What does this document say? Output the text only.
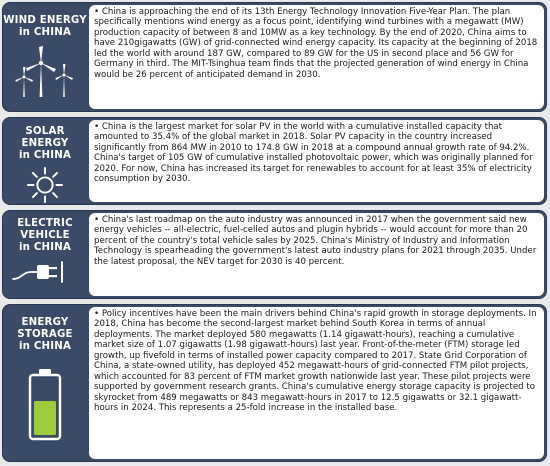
WIND ENERGY
in CHINA
• China is approaching the end of its 13th Energy Technology Innovation Five-Year Plan. The plan specifically mentions wind energy as a focus point, identifying wind turbines with a megawatt (MW) production capacity of between 8 and 10MW as a key technology. By the end of 2020, China aims to have 210gigawatts (GW) of grid-connected wind energy capacity. Its capacity at the beginning of 2018 led the world with around 187 GW, compared to 89 GW for the US in second place and 56 GW for Germany in third. The MIT-Tsinghua team finds that the projected generation of wind energy in China would be 26 percent of anticipated demand in 2030.
SOLAR ENERGY
in CHINA
• China is the largest market for solar PV in the world with a cumulative installed capacity that amounted to 35.4% of the global market in 2018. Solar PV capacity in the country increased significantly from 864 MW in 2010 to 174.8 GW in 2018 at a compound annual growth rate of 94.2%. China's target of 105 GW of cumulative installed photovoltaic power, which was originally planned for 2020. For now, China has increased its target for renewables to account for at least 35% of electricity consumption by 2030.
ELECTRIC
VEHICLE
in CHINA
• China's last roadmap on the auto industry was announced in 2017 when the government said new energy vehicles -- all-electric, fuel-celled autos and plugin hybrids -- would account for more than 20 percent of the country's total vehicle sales by 2025. China's Ministry of Industry and Information Technology is spearheading the government's latest auto industry plans for 2021 through 2035. Under the latest proposal, the NEV target for 2030 is 40 percent.
ENERGY
STORAGE
in CHINA
• Policy incentives have been the main drivers behind China's rapid growth in storage deployments. In 2018, China has become the second-largest market behind South Korea in terms of annual deployments. The market deployed 580 megawatts (1.14 gigawatt-hours), reaching a cumulative market size of 1.07 gigawatts (1.98 gigawatt-hours) last year. Front-of-the-meter (FTM) storage led growth, up fivefold in terms of installed power capacity compared to 2017. State Grid Corporation of China, a state-owned utility, has deployed 452 megawatt-hours of grid-connected FTM pilot projects, which accounted for 83 percent of FTM market growth nationwide last year. These pilot projects were supported by government research grants. China's cumulative energy storage capacity is projected to skyrocket from 489 megawatts or 843 megawatt-hours in 2017 to 12.5 gigawatts or 32.1 gigawatt-hours in 2024. This represents a 25-fold increase in the installed base.
